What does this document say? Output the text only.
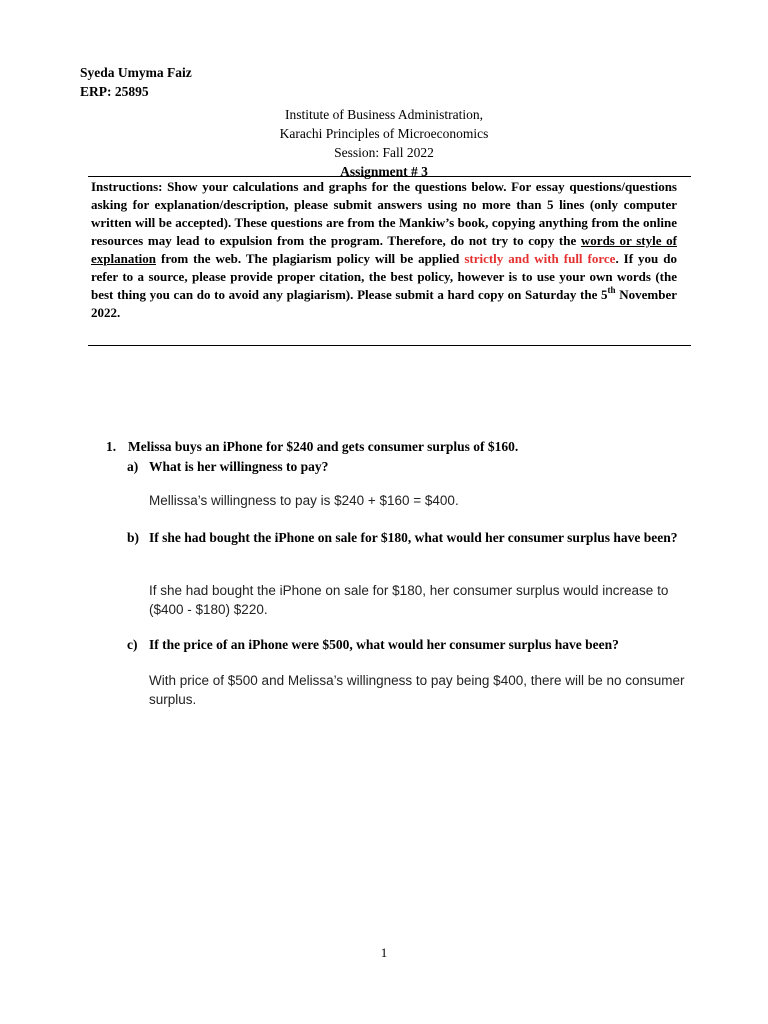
Syeda Umyma Faiz
ERP: 25895
Institute of Business Administration,
Karachi Principles of Microeconomics
Session: Fall 2022
Assignment # 3
Instructions: Show your calculations and graphs for the questions below. For essay questions/questions asking for explanation/description, please submit answers using no more than 5 lines (only computer written will be accepted). These questions are from the Mankiw’s book, copying anything from the online resources may lead to expulsion from the program. Therefore, do not try to copy the words or style of explanation from the web. The plagiarism policy will be applied strictly and with full force. If you do refer to a source, please provide proper citation, the best policy, however is to use your own words (the best thing you can do to avoid any plagiarism). Please submit a hard copy on Saturday the 5th November 2022.
1. Melissa buys an iPhone for $240 and gets consumer surplus of $160.
a) What is her willingness to pay?
Mellissa’s willingness to pay is $240 + $160 = $400.
b) If she had bought the iPhone on sale for $180, what would her consumer surplus have been?
If she had bought the iPhone on sale for $180, her consumer surplus would increase to ($400 - $180) $220.
c) If the price of an iPhone were $500, what would her consumer surplus have been?
With price of $500 and Melissa’s willingness to pay being $400, there will be no consumer surplus.
1
